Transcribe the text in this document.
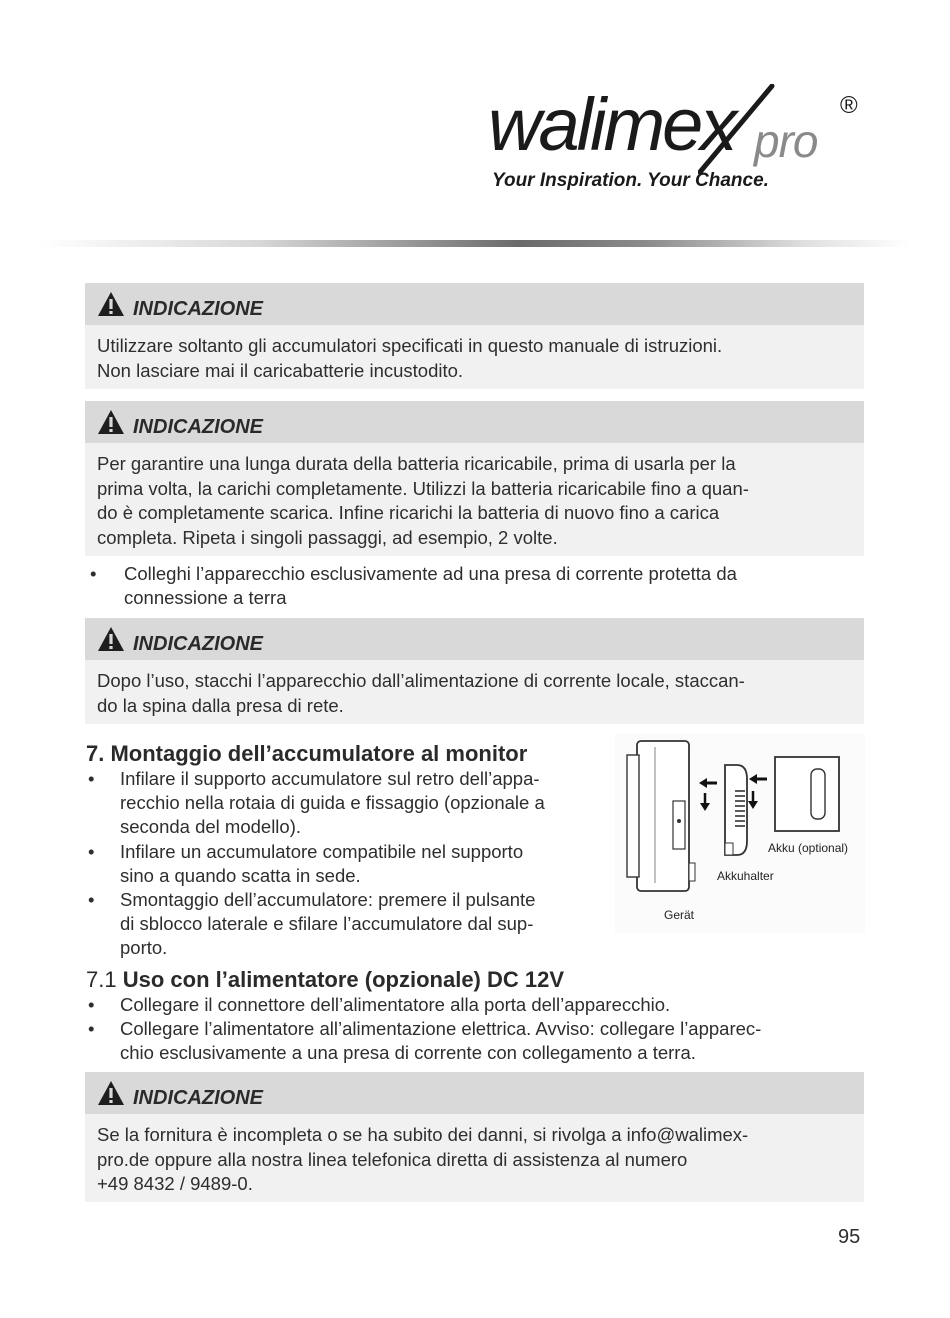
walimex pro
®
Your Inspiration. Your Chance.
INDICAZIONE
Utilizzare soltanto gli accumulatori specificati in questo manuale di istruzioni.
Non lasciare mai il caricabatterie incustodito.
INDICAZIONE
Per garantire una lunga durata della batteria ricaricabile, prima di usarla per la
prima volta, la carichi completamente. Utilizzi la batteria ricaricabile fino a quan-
do è completamente scarica. Infine ricarichi la batteria di nuovo fino a carica
completa. Ripeta i singoli passaggi, ad esempio, 2 volte.
• Colleghi l’apparecchio esclusivamente ad una presa di corrente protetta da
connessione a terra
INDICAZIONE
Dopo l’uso, stacchi l’apparecchio dall’alimentazione di corrente locale, staccan-
do la spina dalla presa di rete.
7. Montaggio dell’accumulatore al monitor
• Infilare il supporto accumulatore sul retro dell’appa-
recchio nella rotaia di guida e fissaggio (opzionale a
seconda del modello).
• Infilare un accumulatore compatibile nel supporto
sino a quando scatta in sede.
• Smontaggio dell’accumulatore: premere il pulsante
di sblocco laterale e sfilare l’accumulatore dal sup-
porto.
Akku (optional)
Akkuhalter
Gerät
7.1 Uso con l’alimentatore (opzionale) DC 12V
• Collegare il connettore dell’alimentatore alla porta dell’apparecchio.
• Collegare l’alimentatore all’alimentazione elettrica. Avviso: collegare l’apparec-
chio esclusivamente a una presa di corrente con collegamento a terra.
INDICAZIONE
Se la fornitura è incompleta o se ha subito dei danni, si rivolga a info@walimex-
pro.de oppure alla nostra linea telefonica diretta di assistenza al numero
+49 8432 / 9489-0.
95
